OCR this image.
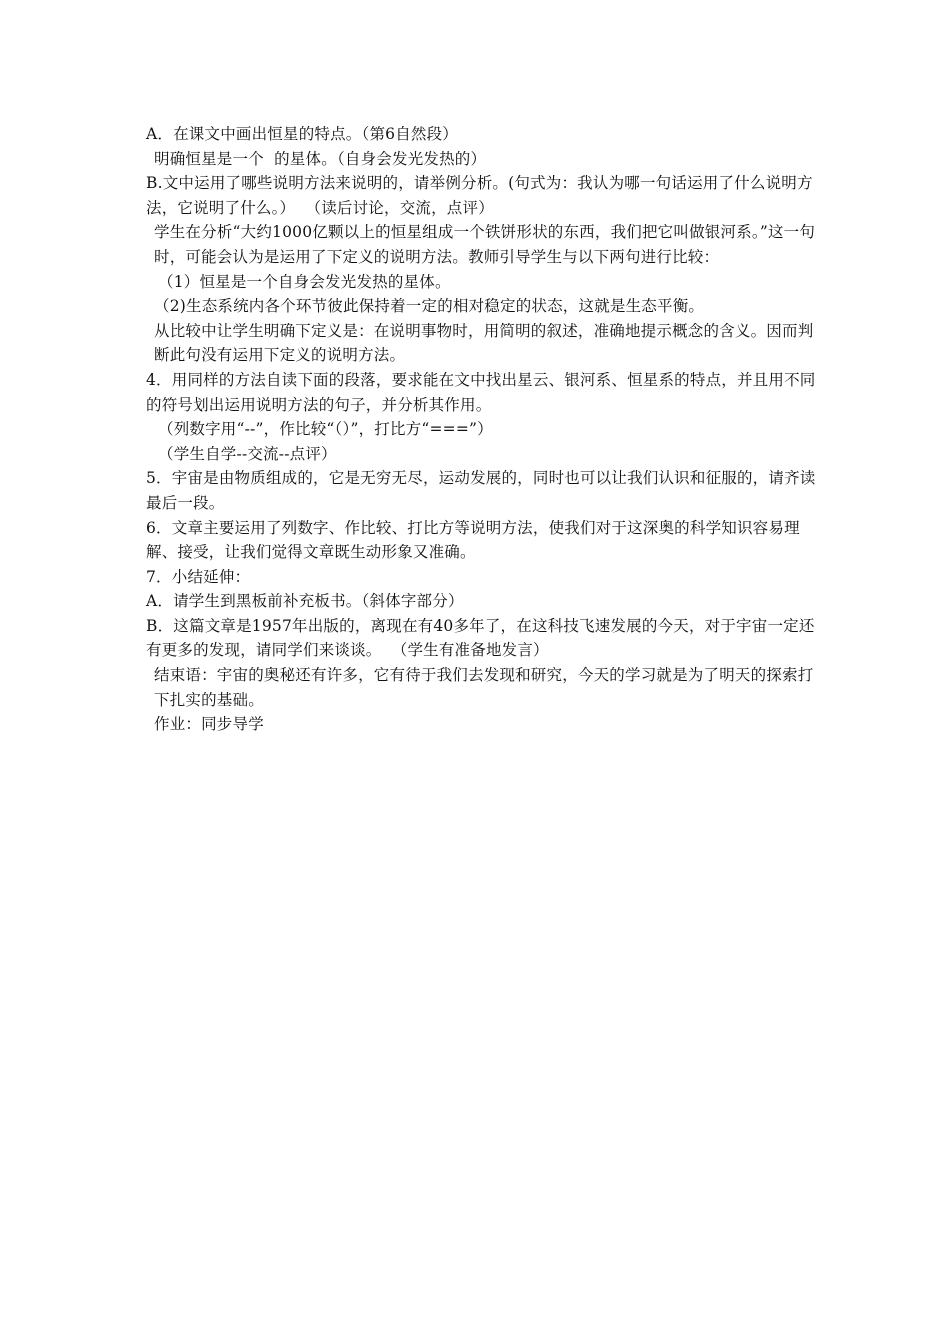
A．在课文中画出恒星的特点。（第6自然段）

明确恒星是一个  的星体。（自身会发光发热的）

B.文中运用了哪些说明方法来说明的，请举例分析。(句式为：我认为哪一句话运用了什么说明方法，它说明了什么。）  （读后讨论，交流，点评）

学生在分析“大约1000亿颗以上的恒星组成一个铁饼形状的东西，我们把它叫做银河系。”这一句时，可能会认为是运用了下定义的说明方法。教师引导学生与以下两句进行比较：

（1）恒星是一个自身会发光发热的星体。

（2)生态系统内各个环节彼此保持着一定的相对稳定的状态，这就是生态平衡。

从比较中让学生明确下定义是：在说明事物时，用简明的叙述，准确地提示概念的含义。因而判断此句没有运用下定义的说明方法。

4．用同样的方法自读下面的段落，要求能在文中找出星云、银河系、恒星系的特点，并且用不同的符号划出运用说明方法的句子，并分析其作用。

（列数字用“--”，作比较“（）”，打比方“===”）

（学生自学--交流--点评）

5．宇宙是由物质组成的，它是无穷无尽，运动发展的，同时也可以让我们认识和征服的，请齐读最后一段。

6．文章主要运用了列数字、作比较、打比方等说明方法，使我们对于这深奥的科学知识容易理解、接受，让我们觉得文章既生动形象又准确。

7．小结延伸：

A．请学生到黑板前补充板书。（斜体字部分）

B．这篇文章是1957年出版的，离现在有40多年了，在这科技飞速发展的今天，对于宇宙一定还有更多的发现，请同学们来谈谈。  （学生有准备地发言）

结束语：宇宙的奥秘还有许多，它有待于我们去发现和研究，今天的学习就是为了明天的探索打下扎实的基础。

作业：同步导学
